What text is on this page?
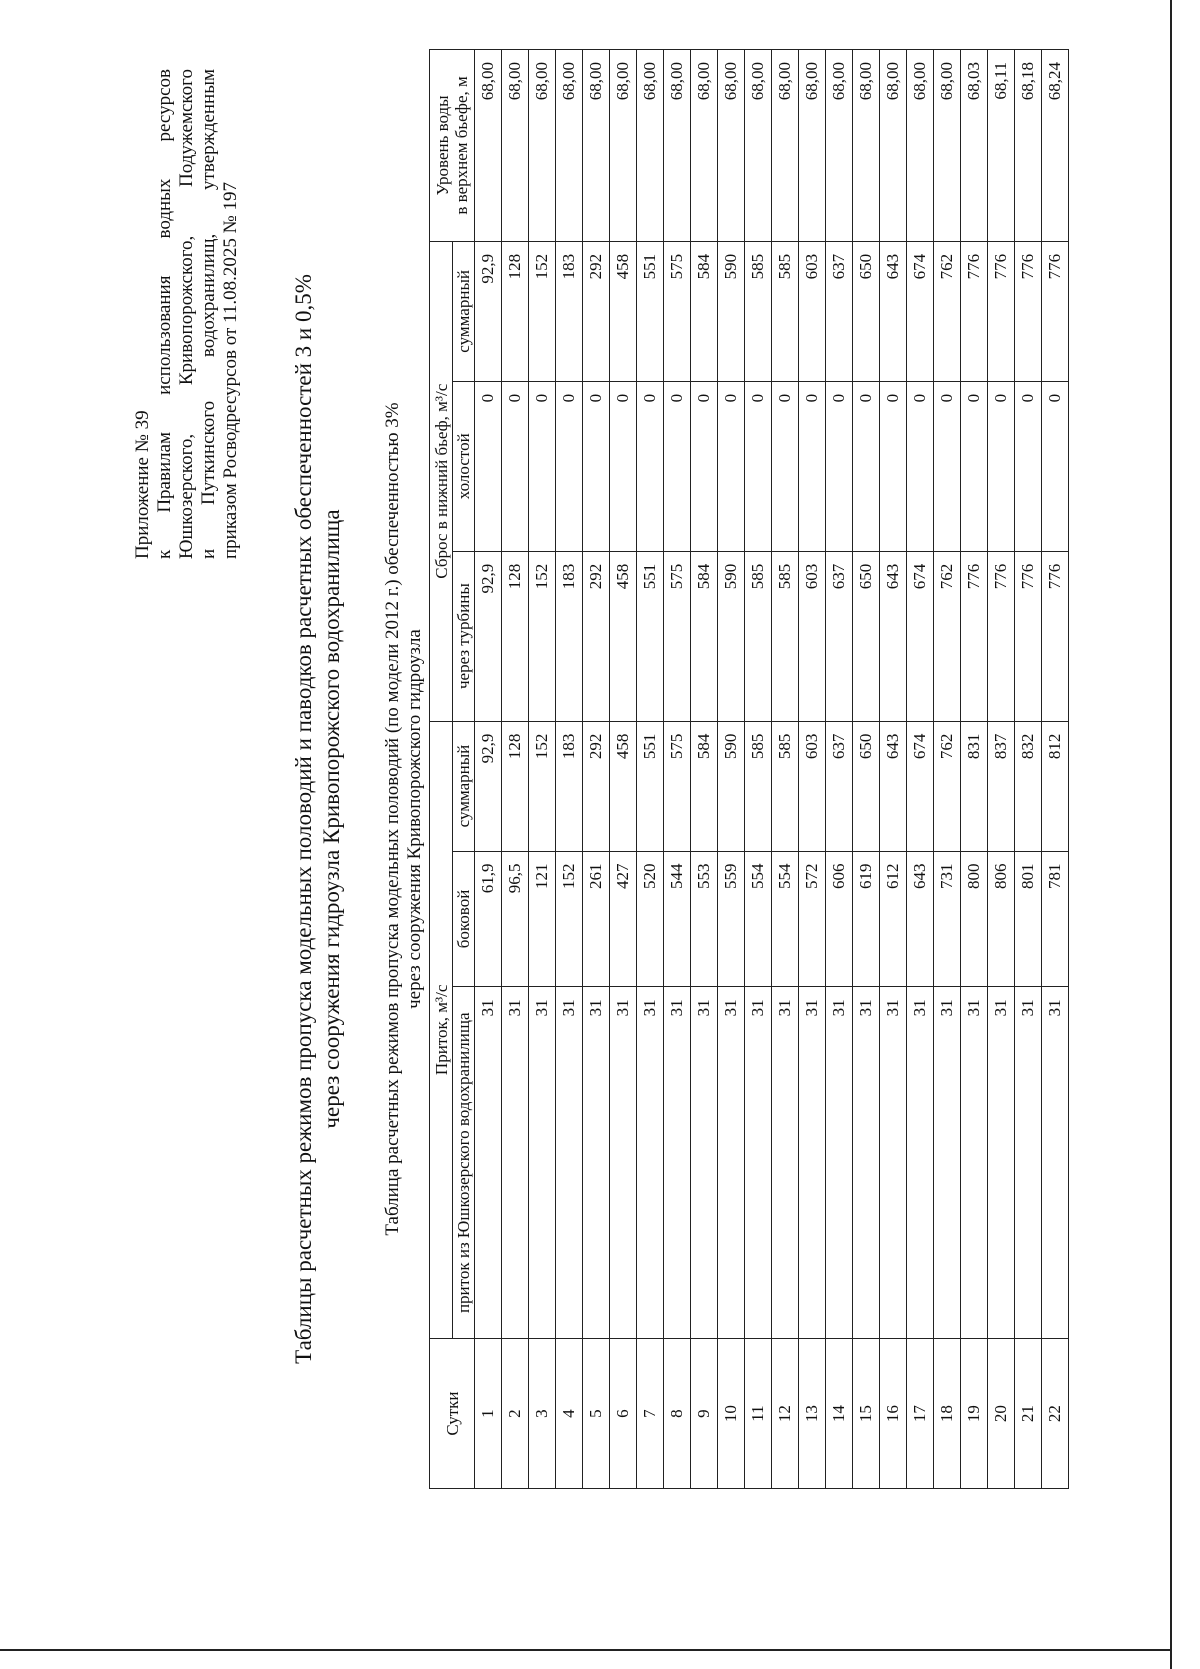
Приложение № 39 к Правилам использования водных ресурсов Юшкозерского, Кривопорожского, Подужемского и Путкинского водохранилищ, утвержденным приказом Росводресурсов от 11.08.2025 № 197 Таблицы расчетных режимов пропуска модельных половодий и паводков расчетных обеспеченностей 3 и 0,5% через сооружения гидроузла Кривопорожского водохранилища Таблица расчетных режимов пропуска модельных половодий (по модели 2012 г.) обеспеченностью 3% через сооружения Кривопорожского гидроузла
Сутки	Приток, м³/с			Сброс в нижний бьеф, м³/с			Уровень воды
в верхнем бьефе, м
	приток из Юшкозерского водохранилища	боковой	суммарный	через турбины	холостой	суммарный	
1	31	61,9	92,9	92,9	0	92,9	68,00
2	31	96,5	128	128	0	128	68,00
3	31	121	152	152	0	152	68,00
4	31	152	183	183	0	183	68,00
5	31	261	292	292	0	292	68,00
6	31	427	458	458	0	458	68,00
7	31	520	551	551	0	551	68,00
8	31	544	575	575	0	575	68,00
9	31	553	584	584	0	584	68,00
10	31	559	590	590	0	590	68,00
11	31	554	585	585	0	585	68,00
12	31	554	585	585	0	585	68,00
13	31	572	603	603	0	603	68,00
14	31	606	637	637	0	637	68,00
15	31	619	650	650	0	650	68,00
16	31	612	643	643	0	643	68,00
17	31	643	674	674	0	674	68,00
18	31	731	762	762	0	762	68,00
19	31	800	831	776	0	776	68,03
20	31	806	837	776	0	776	68,11
21	31	801	832	776	0	776	68,18
22	31	781	812	776	0	776	68,24
